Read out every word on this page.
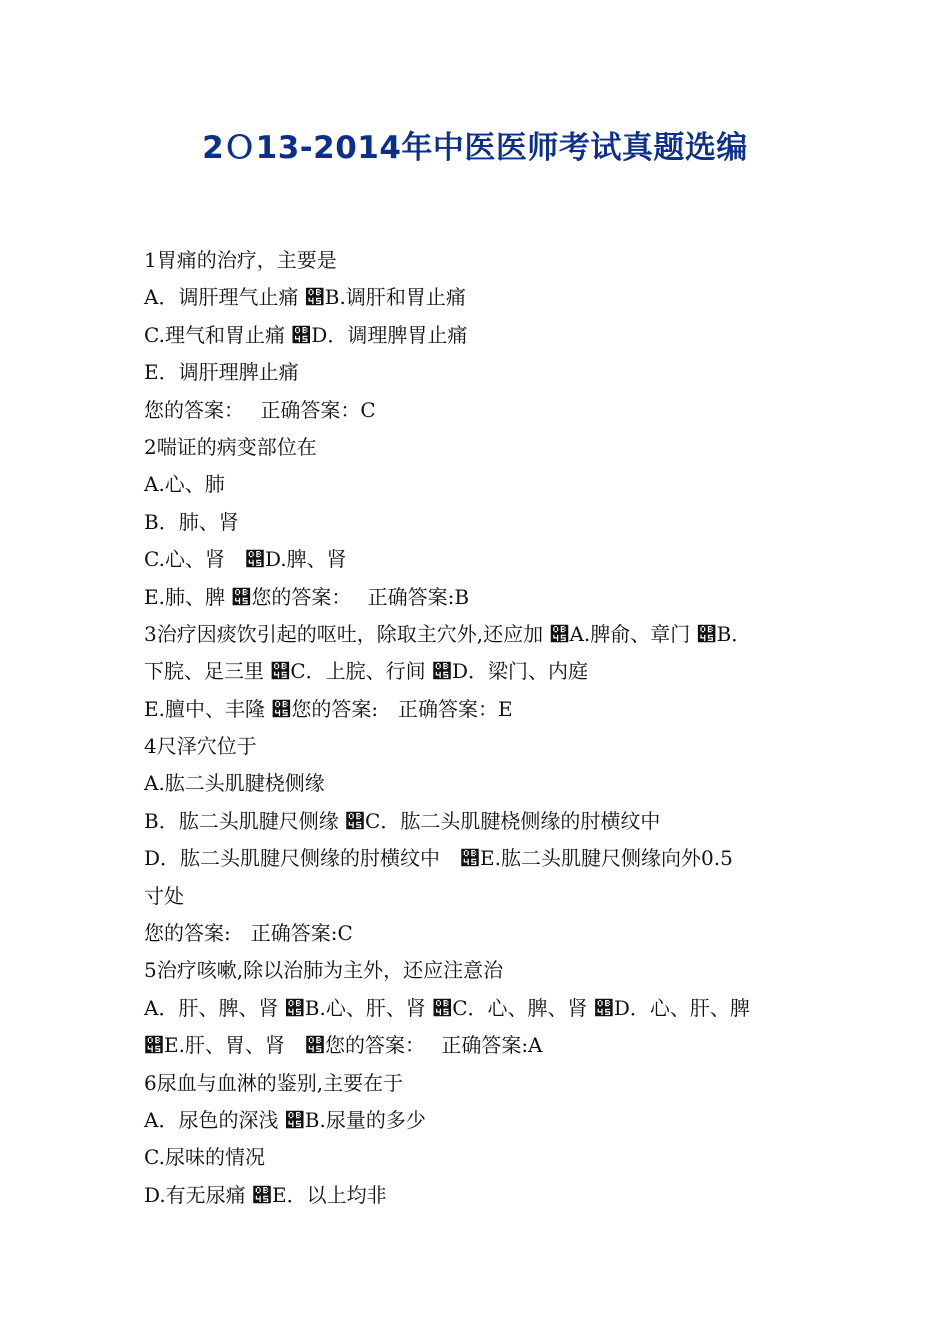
2Ｏ13-2014年中医医师考试真题选编
1胃痛的治疗，主要是
A．调肝理气止痛 ୅B.调肝和胃止痛
C.理气和胃止痛 ୅D．调理脾胃止痛
E．调肝理脾止痛
您的答案：　 正确答案：C
2喘证的病变部位在
A.心、肺
B．肺、肾
C.心、肾　୅D.脾、肾
E.肺、脾 ୅您的答案：　 正确答案:B
3治疗因痰饮引起的呕吐，除取主穴外,还应加 ୅A.脾俞、章门 ୅B．
下脘、足三里 ୅C．上脘、行间 ୅D．梁门、内庭
E.膻中、丰隆 ୅您的答案:　正确答案：E
4尺泽穴位于
A.肱二头肌腱桡侧缘
B．肱二头肌腱尺侧缘 ୅C．肱二头肌腱桡侧缘的肘横纹中
D．肱二头肌腱尺侧缘的肘横纹中　୅E.肱二头肌腱尺侧缘向外0.5
寸处
您的答案:　正确答案:C
5治疗咳嗽,除以治肺为主外，还应注意治
A．肝、脾、肾 ୅B.心、肝、肾 ୅C．心、脾、肾 ୅D．心、肝、脾
୅E.肝、胃、肾　୅您的答案：　 正确答案:A
6尿血与血淋的鉴别,主要在于
A．尿色的深浅 ୅B.尿量的多少
C.尿味的情况
D.有无尿痛 ୅E．以上均非
